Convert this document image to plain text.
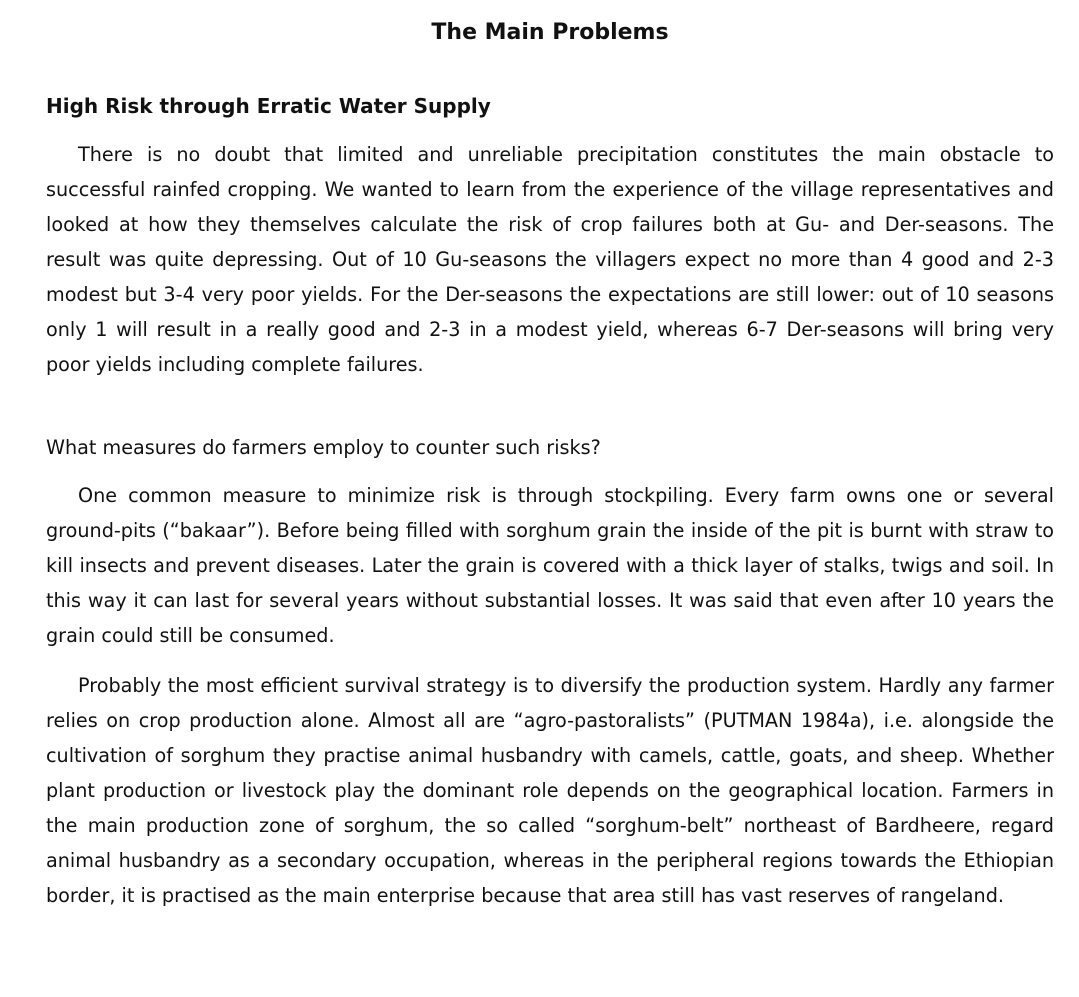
The Main Problems
High Risk through Erratic Water Supply

There is no doubt that limited and unreliable precipitation constitutes the main obstacle to successful rainfed cropping. We wanted to learn from the experience of the village representatives and looked at how they themselves calculate the risk of crop failures both at Gu- and Der-seasons. The result was quite depressing. Out of 10 Gu-seasons the villagers expect no more than 4 good and 2-3 modest but 3-4 very poor yields. For the Der-seasons the expectations are still lower: out of 10 seasons only 1 will result in a really good and 2-3 in a modest yield, whereas 6-7 Der-seasons will bring very poor yields including complete failures.

What measures do farmers employ to counter such risks?

One common measure to minimize risk is through stockpiling. Every farm owns one or several ground-pits (“bakaar”). Before being filled with sorghum grain the inside of the pit is burnt with straw to kill insects and prevent diseases. Later the grain is covered with a thick layer of stalks, twigs and soil. In this way it can last for several years without substantial losses. It was said that even after 10 years the grain could still be consumed.

Probably the most efficient survival strategy is to diversify the production system. Hardly any farmer relies on crop production alone. Almost all are “agro-pastoralists” (PUTMAN 1984a), i.e. alongside the cultivation of sorghum they practise animal husbandry with camels, cattle, goats, and sheep. Whether plant production or livestock play the dominant role depends on the geographical location. Farmers in the main production zone of sorghum, the so called “sorghum-belt” northeast of Bardheere, regard animal husbandry as a secondary occupation, whereas in the peripheral regions towards the Ethiopian border, it is practised as the main enterprise because that area still has vast reserves of rangeland.
